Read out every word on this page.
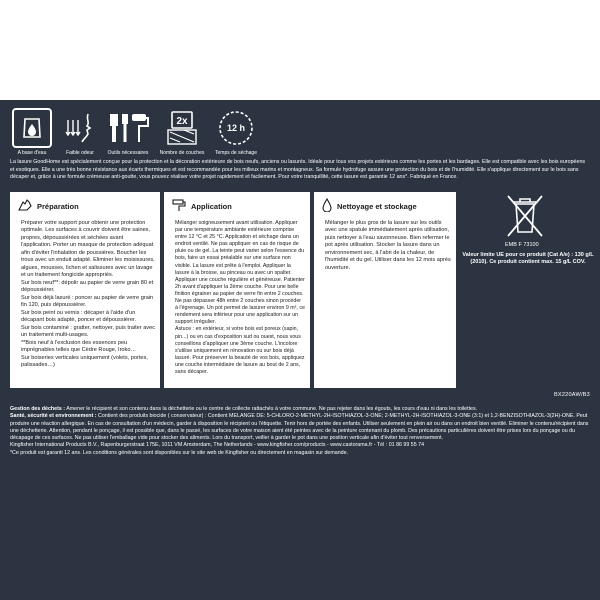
A base d'eau	Faible odeur	Outils nécessaires
2x
Nombre de couches
12 h
Temps de séchage
La lasure GoodHome est spécialement conçue pour la protection et la décoration extérieure de bois neufs, anciens ou lasurés. Idéale pour tous vos projets extérieurs comme les portes et les bardages. Elle est compatible avec les bois européens et exotiques. Elle a une très bonne résistance aux écarts thermiques et est recommandée pour les milieux marins et montagneux. Sa formule hydrofuge assure une protection du bois et de l'humidité. Elle s'applique directement sur le bois sans décaper et, grâce à une formule crémeuse anti-goutte, vous pouvez réaliser votre projet rapidement et facilement. Pour votre tranquillité, cette lasure est garantie 12 ans*. Fabriqué en France.
Préparation

Préparer votre support pour obtenir une protection optimale. Les surfaces à couvrir doivent être saines, propres, dépoussiérées et séchées avant l'application. Porter un masque de protection adéquat afin d'éviter l'inhalation de poussières. Boucher les trous avec un enduit adapté. Eliminer les moisissures, algues, mousses, lichen et salissures avec un lavage et un traitement fongicide appropriés.

Sur bois neuf**: dépolir au papier de verre grain 80 et dépoussiérer.

Sur bois déjà lasuré : poncer au papier de verre grain fin 120, puis dépoussiérer.

Sur bois peint ou vernis : décaper à l'aide d'un décapant bois adapté, poncer et dépoussiérer.

Sur bois contaminé : gratter, nettoyer, puis traiter avec un traitement multi-usages.

**Bois neuf à l'exclusion des essences peu imprégnables telles que Cèdre Rouge, Iroko…

Sur boiseries verticales uniquement (volets, portes, palissades…)

Application

Mélanger soigneusement avant utilisation. Appliquer par une température ambiante extérieure comprise entre 12 °C et 25 °C. Application et séchage dans un endroit ventilé. Ne pas appliquer en cas de risque de pluie ou de gel. La teinte peut varier selon l'essence du bois, faire un essai préalable sur une surface non visible. La lasure est prête à l'emploi. Appliquer la lasure à la brosse, au pinceau ou avec un spalter. Appliquer une couche régulière et généreuse. Patienter 2h avant d'appliquer la 2ème couche. Pour une belle finition égrainer au papier de verre fin entre 2 couches. Ne pas dépasser 48h entre 2 couches sinon procéder à l'égrenage. Un pot permet de lasurer environ 9 m², ce rendement sera inférieur pour une application sur un support irrégulier.

Astuce : en extérieur, si votre bois est poreux (sapin, pin...) ou en cas d'exposition sud ou ouest, nous vous conseillons d'appliquer une 3ème couche. L'incolore s'utilise uniquement en rénovation ou sur bois déjà lasuré. Pour préserver la beauté de vos bois, appliquez une couche intermédiaire de lasure au bout de 2 ans, sans décaper.

Nettoyage et stockage

Mélanger le plus gros de la lasure sur les outils avec une spatule immédiatement après utilisation, puis nettoyer à l'eau savonneuse. Bien refermer le pot après utilisation. Stocker la lasure dans un environnement sec, à l'abri de la chaleur, de l'humidité et du gel. Utiliser dans les 12 mois après ouverture.

EMB F 73100
Valeur limite UE pour ce produit (Cat A/e) : 130 g/L (2010). Ce produit contient max. 15 g/L COV.
BX220AW/B3

Gestion des déchets : Amener le récipient et son contenu dans la déchetterie ou le centre de collecte rattachés à votre commune. Ne pas rejeter dans les égouts, les cours d'eau ni dans les toilettes.

Santé, sécurité et environnement : Contient des produits biocide ( conservateur) : Contient MELANGE DE: 5-CHLORO-2-METHYL-2H-ISOTHIAZOL-3-ONE; 2-METHYL-2H-ISOTHIAZOL-3-ONE (3:1) et 1,2-BENZISOTHIAZOL-3(2H)-ONE. Peut produire une réaction allergique. En cas de consultation d'un médecin, garder à disposition le récipient ou l'étiquette. Tenir hors de portée des enfants. Utiliser seulement en plein air ou dans un endroit bien ventilé. Eliminer le contenu/récipient dans une déchetterie. Attention, pendant le ponçage, il est possible que, dans le passé, les surfaces de votre maison aient été peintes avec de la peinture contenant du plomb. Des précautions particulières doivent être prises lors du ponçage ou du décapage de ces surfaces. Ne pas utiliser l'emballage vide pour stocker des aliments. Lors du transport, veiller à garder le pot dans une position verticale afin d'éviter tout renversement.

Kingfisher International Products B.V., Rapenburgerstraat 175E, 1011 VM Amsterdam, The Netherlands - www.kingfisher.com/products - www.castorama.fr - Tél : 01 86 99 55 74

*Ce produit est garanti 12 ans. Les conditions générales sont disponibles sur le site web de Kingfisher ou directement en magasin sur demande.
